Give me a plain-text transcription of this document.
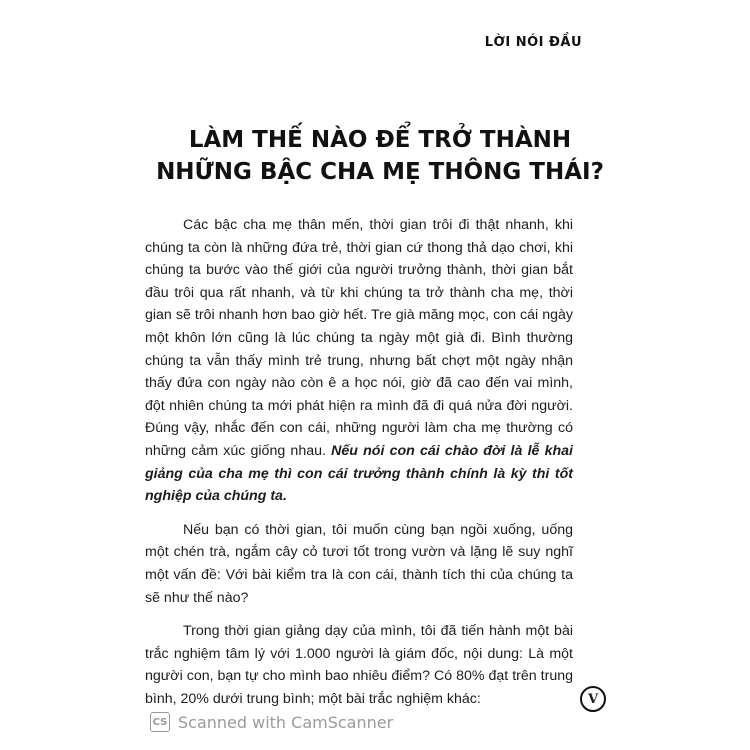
LỜI NÓI ĐẦU
LÀM THẾ NÀO ĐỂ TRỞ THÀNH
NHỮNG BẬC CHA MẸ THÔNG THÁI?

Các bậc cha mẹ thân mến, thời gian trôi đi thật nhanh, khi chúng ta còn là những đứa trẻ, thời gian cứ thong thả dạo chơi, khi chúng ta bước vào thế giới của người trưởng thành, thời gian bắt đầu trôi qua rất nhanh, và từ khi chúng ta trở thành cha mẹ, thời gian sẽ trôi nhanh hơn bao giờ hết. Tre già măng mọc, con cái ngày một khôn lớn cũng là lúc chúng ta ngày một già đi. Bình thường chúng ta vẫn thấy mình trẻ trung, nhưng bất chợt một ngày nhận thấy đứa con ngày nào còn ê a học nói, giờ đã cao đến vai mình, đột nhiên chúng ta mới phát hiện ra mình đã đi quá nửa đời người. Đúng vậy, nhắc đến con cái, những người làm cha mẹ thường có những cảm xúc giống nhau. Nếu nói con cái chào đời là lễ khai giảng của cha mẹ thì con cái trưởng thành chính là kỳ thi tốt nghiệp của chúng ta.

Nếu bạn có thời gian, tôi muốn cùng bạn ngồi xuống, uống một chén trà, ngắm cây cỏ tươi tốt trong vườn và lặng lẽ suy nghĩ một vấn đề: Với bài kiểm tra là con cái, thành tích thi của chúng ta sẽ như thế nào?

Trong thời gian giảng dạy của mình, tôi đã tiến hành một bài trắc nghiệm tâm lý với 1.000 người là giám đốc, nội dung: Là một người con, bạn tự cho mình bao nhiêu điểm? Có 80% đạt trên trung bình, 20% dưới trung bình; một bài trắc nghiệm khác:	V
CS Scanned with CamScanner
